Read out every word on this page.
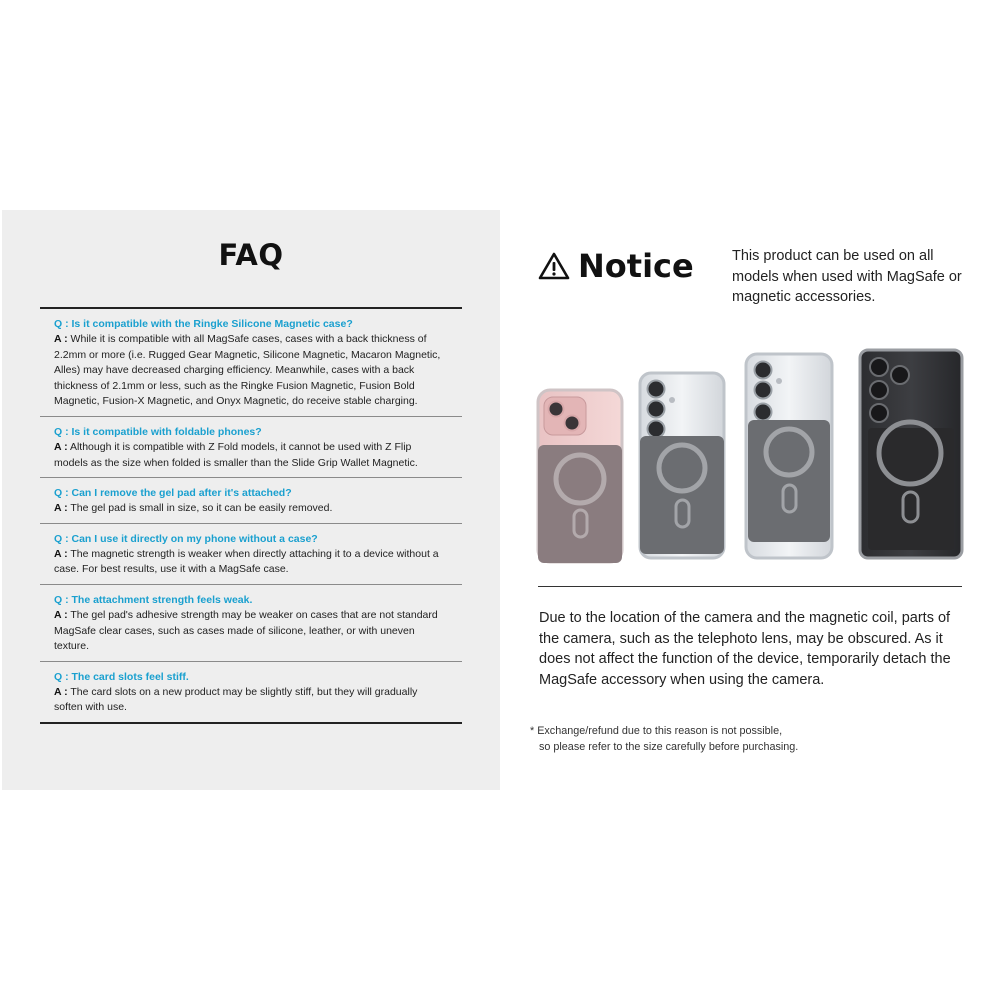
FAQ
Q : Is it compatible with the Ringke Silicone Magnetic case?
A : While it is compatible with all MagSafe cases, cases with a back thickness of 2.2mm or more (i.e. Rugged Gear Magnetic, Silicone Magnetic, Macaron Magnetic, Alles) may have decreased charging efficiency. Meanwhile, cases with a back thickness of 2.1mm or less, such as the Ringke Fusion Magnetic, Fusion Bold Magnetic, Fusion-X Magnetic, and Onyx Magnetic, do receive stable charging.
Q : Is it compatible with foldable phones?
A : Although it is compatible with Z Fold models, it cannot be used with Z Flip models as the size when folded is smaller than the Slide Grip Wallet Magnetic.
Q : Can I remove the gel pad after it's attached?
A : The gel pad is small in size, so it can be easily removed.
Q : Can I use it directly on my phone without a case?
A : The magnetic strength is weaker when directly attaching it to a device without a case. For best results, use it with a MagSafe case.
Q : The attachment strength feels weak.
A : The gel pad's adhesive strength may be weaker on cases that are not standard MagSafe clear cases, such as cases made of silicone, leather, or with uneven texture.
Q : The card slots feel stiff.
A : The card slots on a new product may be slightly stiff, but they will gradually soften with use.
Notice	This product can be used on all models when used with MagSafe or magnetic accessories.
Due to the location of the camera and the magnetic coil, parts of the camera, such as the telephoto lens, may be obscured. As it does not affect the function of the device, temporarily detach the MagSafe accessory when using the camera.
* Exchange/refund due to this reason is not possible,
so please refer to the size carefully before purchasing.
